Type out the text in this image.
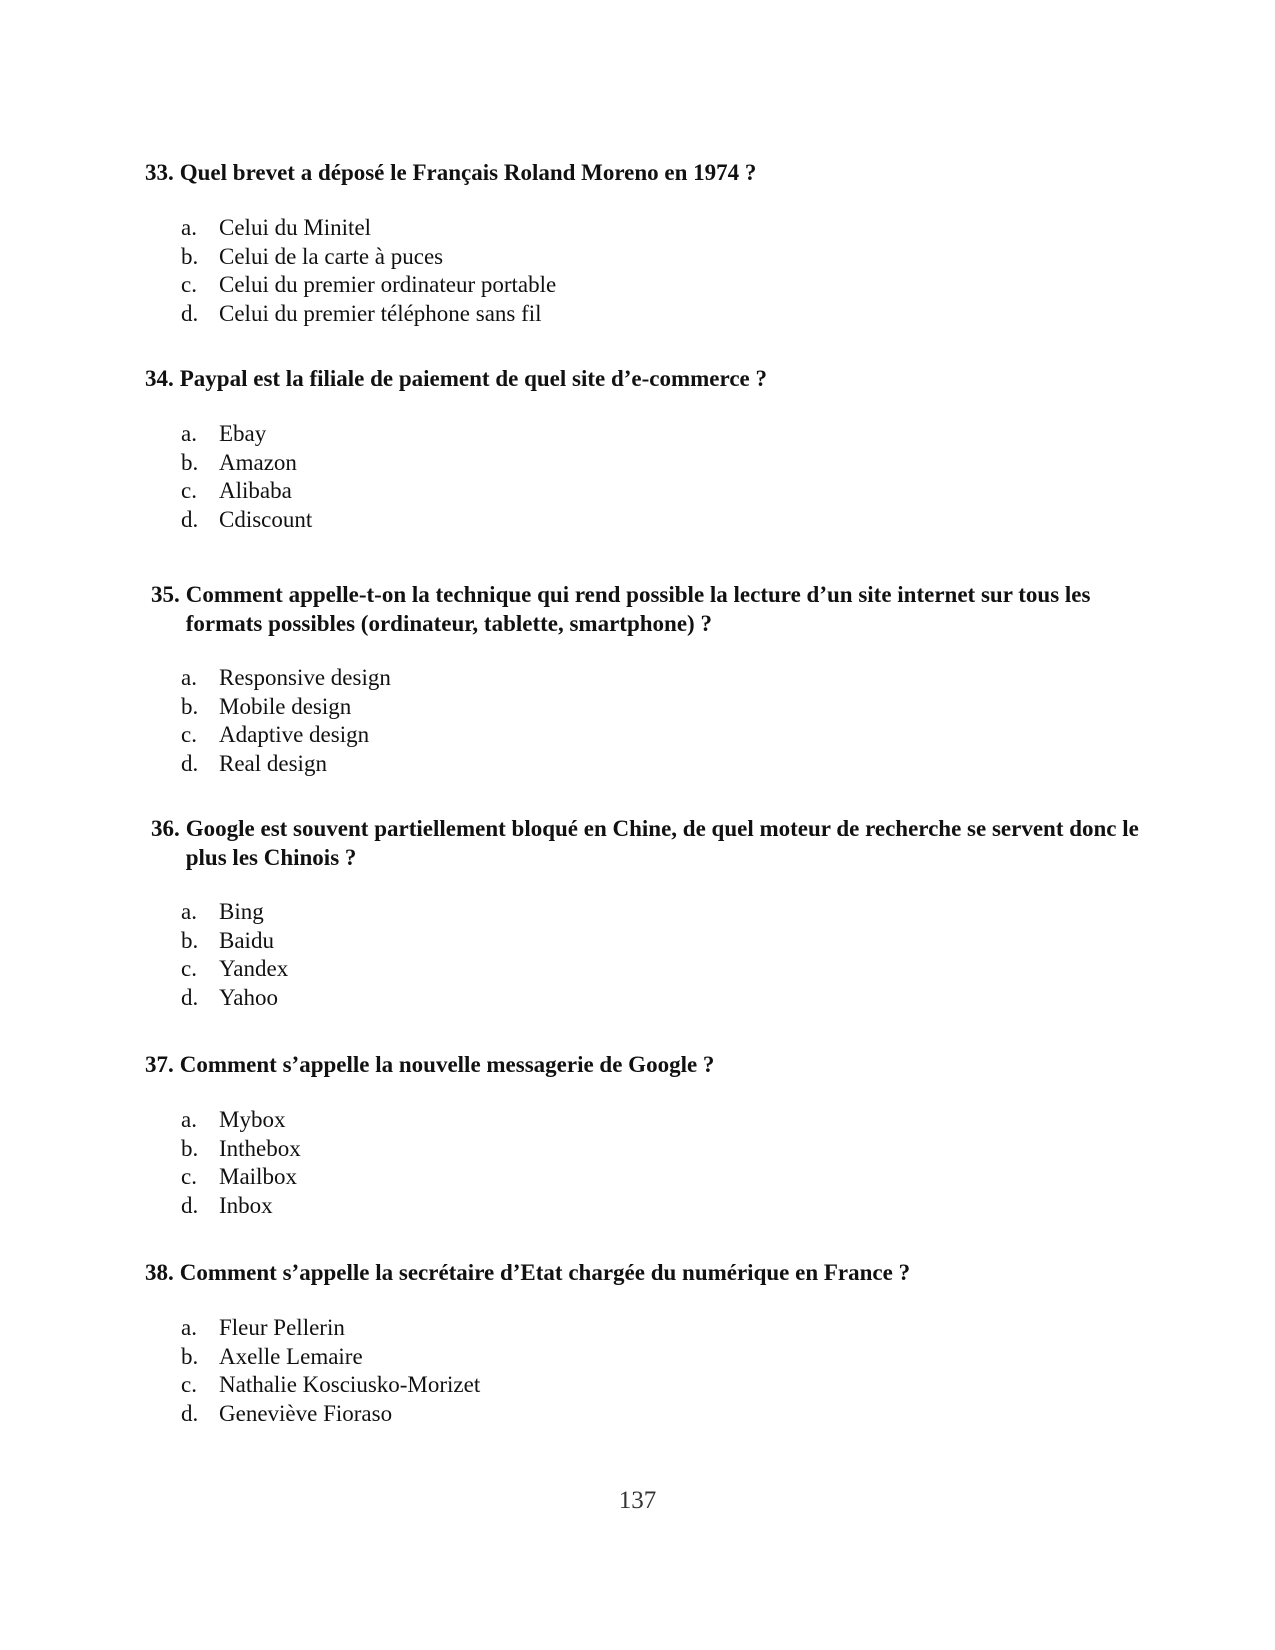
33. Quel brevet a déposé le Français Roland Moreno en 1974 ?
a. Celui du Minitel
b. Celui de la carte à puces
c. Celui du premier ordinateur portable
d. Celui du premier téléphone sans fil
34. Paypal est la filiale de paiement de quel site d’e-commerce ?
a. Ebay
b. Amazon
c. Alibaba
d. Cdiscount
35. Comment appelle-t-on la technique qui rend possible la lecture d’un site internet sur tous les formats possibles (ordinateur, tablette, smartphone) ?
a. Responsive design
b. Mobile design
c. Adaptive design
d. Real design
36. Google est souvent partiellement bloqué en Chine, de quel moteur de recherche se servent donc le plus les Chinois ?
a. Bing
b. Baidu
c. Yandex
d. Yahoo
37. Comment s’appelle la nouvelle messagerie de Google ?
a. Mybox
b. Inthebox
c. Mailbox
d. Inbox
38. Comment s’appelle la secrétaire d’Etat chargée du numérique en France ?
a. Fleur Pellerin
b. Axelle Lemaire
c. Nathalie Kosciusko-Morizet
d. Geneviève Fioraso
137
